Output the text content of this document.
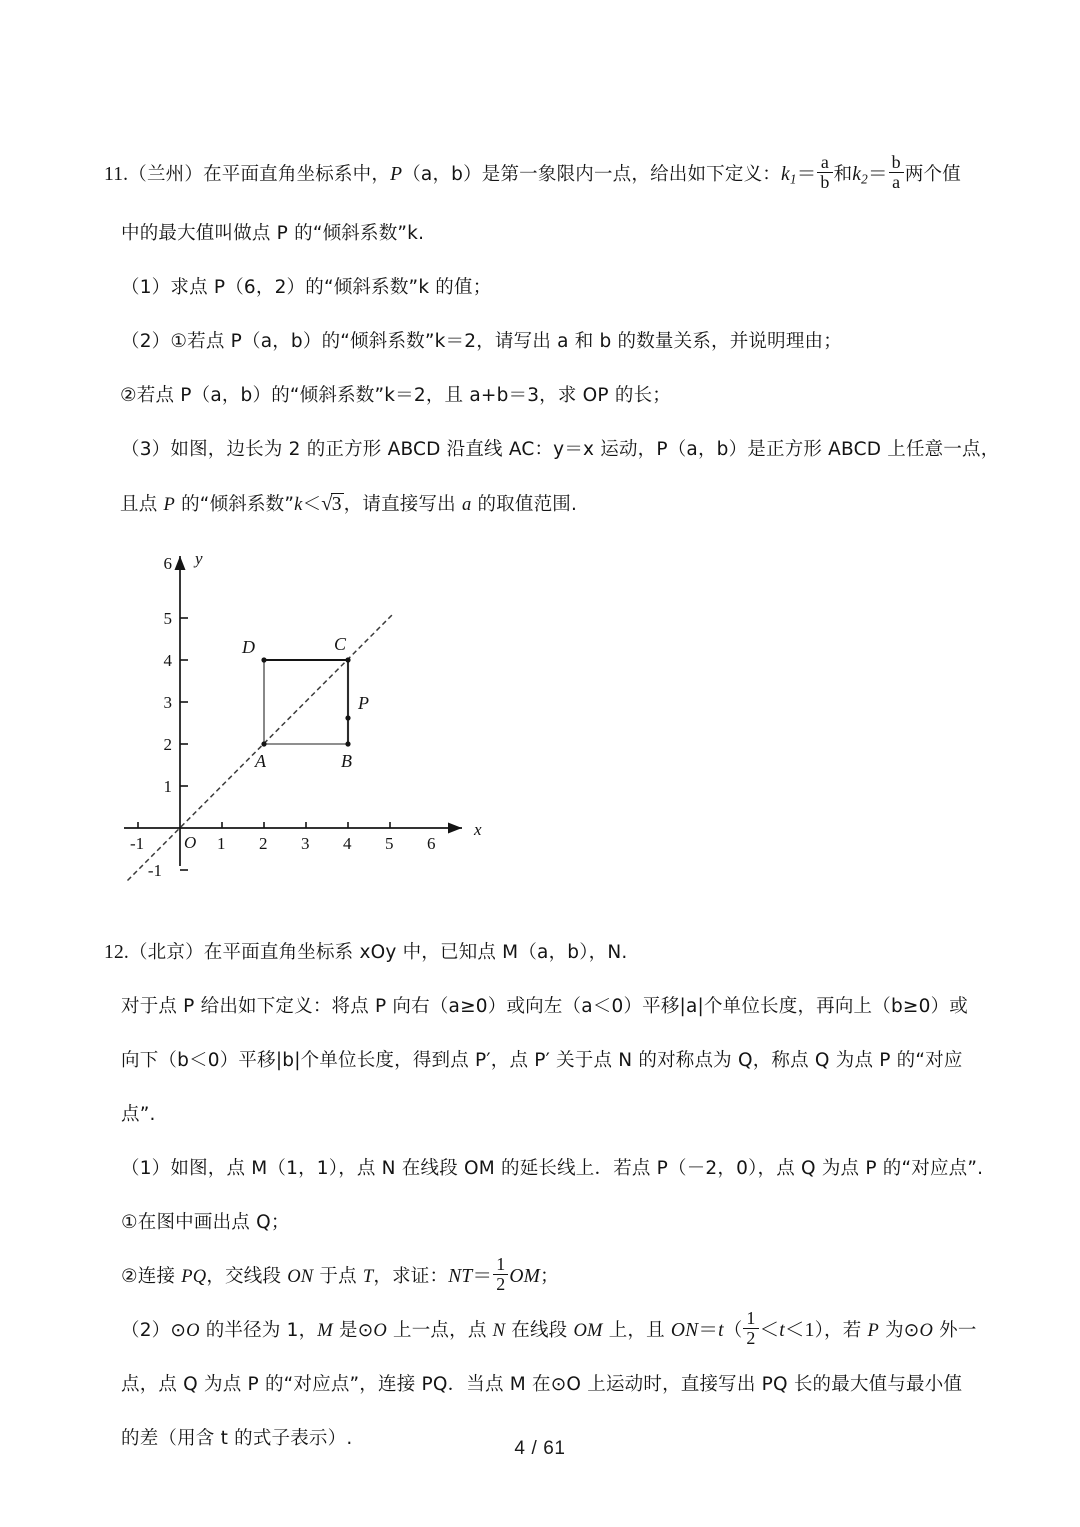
11.（兰州）在平面直角坐标系中，P（a，b）是第一象限内一点，给出如下定义：$k_1= \frac{a}{b}$ 和$k_2= \frac{b}{a}$ 两个值
中的最大值叫做点 P 的“倾斜系数”k.
（1）求点 P（6，2）的“倾斜系数”k 的值；
（2）①若点 P（a，b）的“倾斜系数”k＝2，请写出 a 和 b 的数量关系，并说明理由；
②若点 P（a，b）的“倾斜系数”k＝2，且 a+b＝3，求 OP 的长；
（3）如图，边长为 2 的正方形 ABCD 沿直线 AC：y＝x 运动，P（a，b）是正方形 ABCD 上任意一点，
且点 P 的“倾斜系数”k＜√3 ，请直接写出 a 的取值范围.
y
x
O
-1	1 2 3 4 5 6
-1
1
2
3
4
5
6
D	C
A	B
P
12.（北京）在平面直角坐标系 xOy 中，已知点 M（a，b），N.
对于点 P 给出如下定义：将点 P 向右（a≥0）或向左（a＜0）平移|a|个单位长度，再向上（b≥0）或
向下（b＜0）平移|b|个单位长度，得到点 P′，点 P′ 关于点 N 的对称点为 Q，称点 Q 为点 P 的“对应
点”.
（1）如图，点 M（1，1），点 N 在线段 OM 的延长线上．若点 P（－2，0），点 Q 为点 P 的“对应点”.
①在图中画出点 Q；
②连接 PQ，交线段 ON 于点 T，求证：$NT= \frac{1}{2}$ OM；
（2）⊙O 的半径为 1，M 是⊙O 上一点，点 N 在线段 OM 上，且 $ON=t( \frac{1}{2} <t<1)$，若 P 为⊙O 外一
点，点 Q 为点 P 的“对应点”，连接 PQ．当点 M 在⊙O 上运动时，直接写出 PQ 长的最大值与最小值
的差（用含 t 的式子表示）.	4 / 61
